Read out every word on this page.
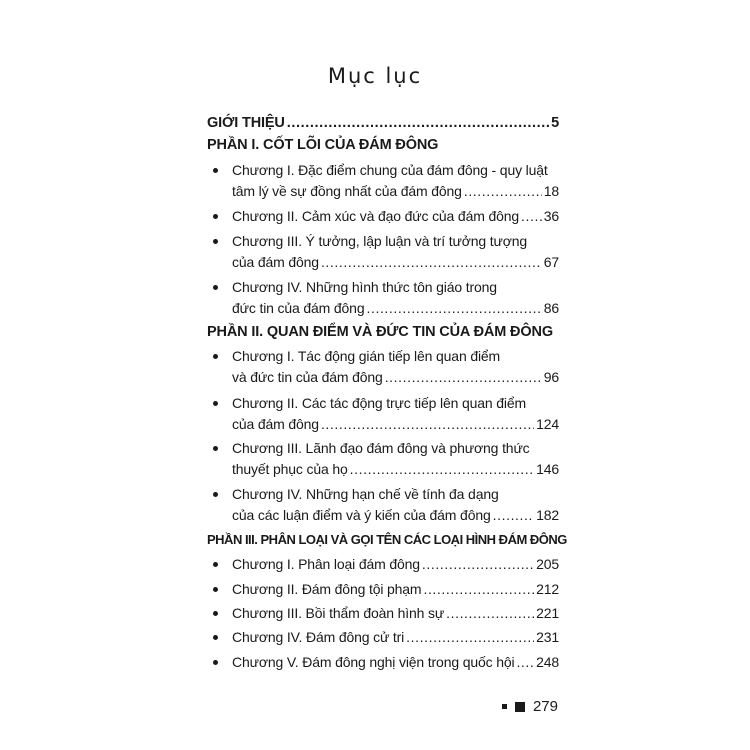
Mục lục
GIỚI THIỆU .....	5
PHẦN I. CỐT LÕI CỦA ĐÁM ĐÔNG
Chương I. Đặc điểm chung của đám đông - quy luật
tâm lý về sự đồng nhất của đám đông .....	18
Chương II. Cảm xúc và đạo đức của đám đông ..... 36
Chương III. Ý tưởng, lập luận và trí tưởng tượng
của đám đông .....	67
Chương IV. Những hình thức tôn giáo trong
đức tin của đám đông .....	86
PHẦN II. QUAN ĐIỂM VÀ ĐỨC TIN CỦA ĐÁM ĐÔNG
Chương I. Tác động gián tiếp lên quan điểm
và đức tin của đám đông .....	96
Chương II. Các tác động trực tiếp lên quan điểm
của đám đông .....	124
Chương III. Lãnh đạo đám đông và phương thức
thuyết phục của họ .....	146
Chương IV. Những hạn chế về tính đa dạng
của các luận điểm và ý kiến của đám đông .....	182
PHẦN III. PHÂN LOẠI VÀ GỌI TÊN CÁC LOẠI HÌNH ĐÁM ĐÔNG
Chương I. Phân loại đám đông .....	205
Chương II. Đám đông tội phạm .....	212
Chương III. Bồi thẩm đoàn hình sự .....	221
Chương IV. Đám đông cử tri .....	231
Chương V. Đám đông nghị viện trong quốc hội ..... 248
279
